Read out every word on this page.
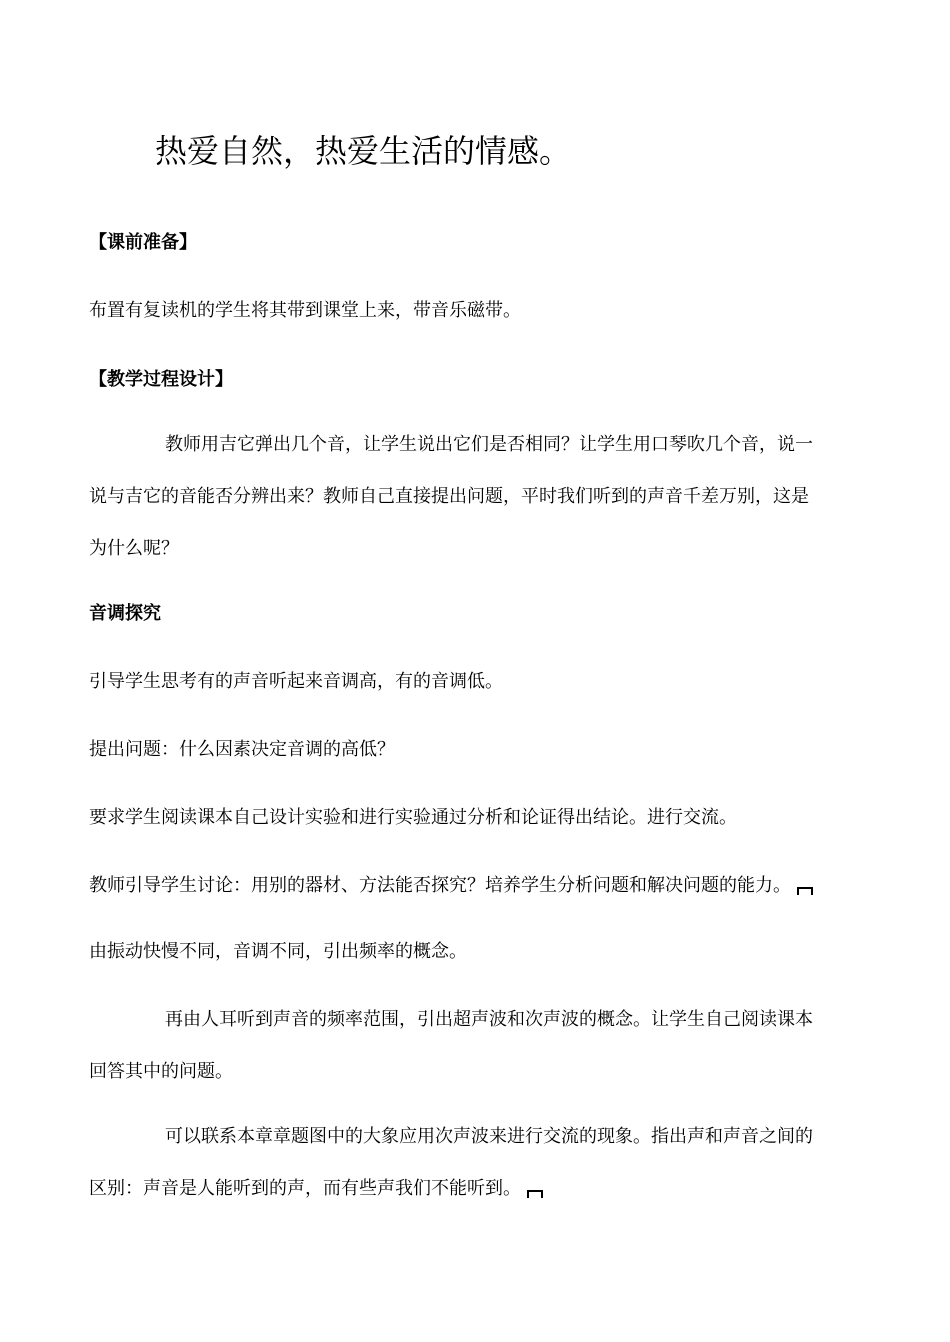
热爱自然，热爱生活的情感。
【课前准备】
布置有复读机的学生将其带到课堂上来，带音乐磁带。
【教学过程设计】
教师用吉它弹出几个音，让学生说出它们是否相同？让学生用口琴吹几个音，说一
说与吉它的音能否分辨出来？教师自己直接提出问题，平时我们听到的声音千差万别，这是
为什么呢？
音调探究
引导学生思考有的声音听起来音调高，有的音调低。
提出问题：什么因素决定音调的高低？
要求学生阅读课本自己设计实验和进行实验通过分析和论证得出结论。进行交流。
教师引导学生讨论：用别的器材、方法能否探究？培养学生分析问题和解决问题的能力。
由振动快慢不同，音调不同，引出频率的概念。
再由人耳听到声音的频率范围，引出超声波和次声波的概念。让学生自己阅读课本
回答其中的问题。
可以联系本章章题图中的大象应用次声波来进行交流的现象。指出声和声音之间的
区别：声音是人能听到的声，而有些声我们不能听到。
